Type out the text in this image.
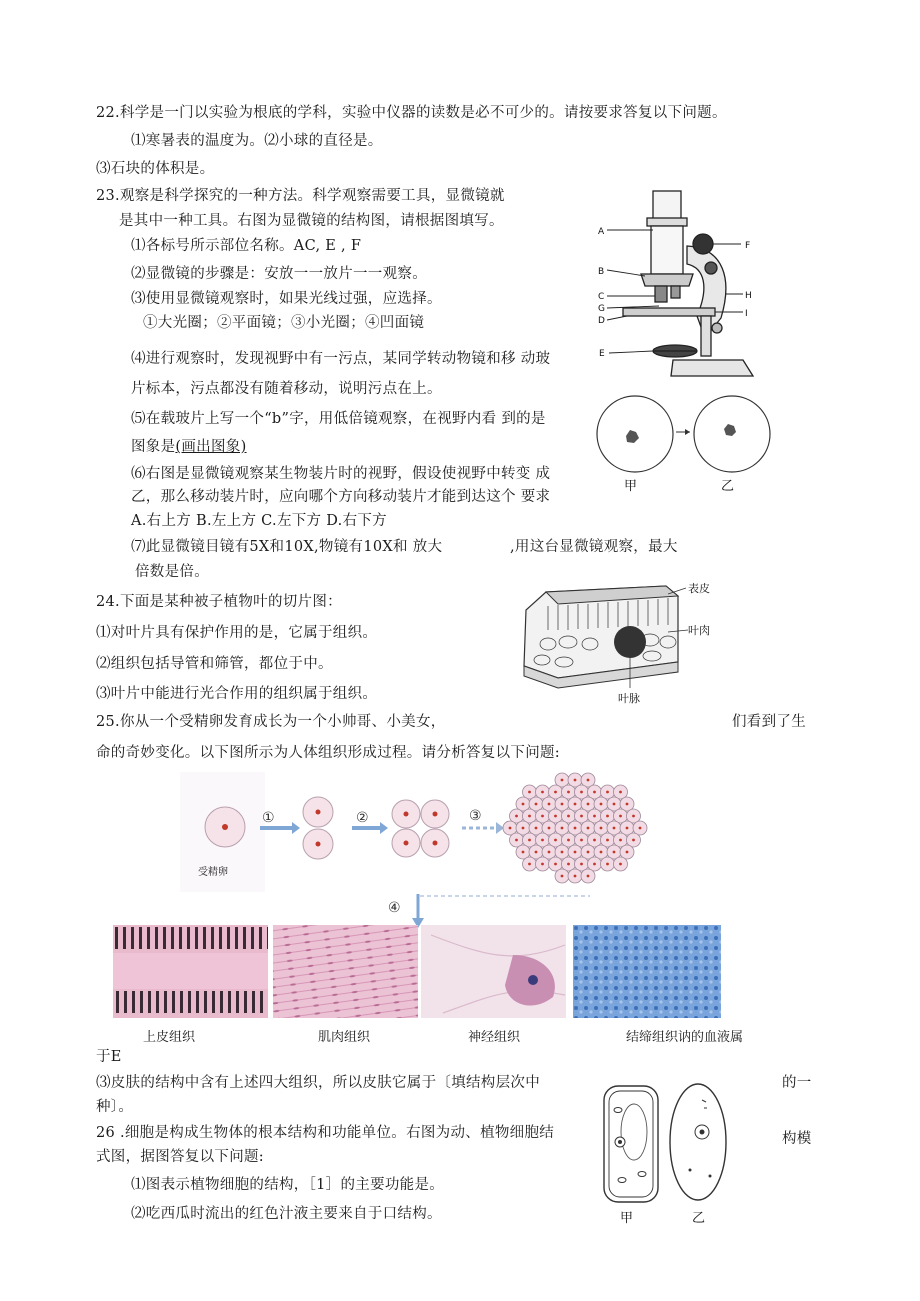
22.科学是一门以实验为根底的学科，实验中仪器的读数是必不可少的。请按要求答复以下问题。
⑴寒暑表的温度为。⑵小球的直径是。
⑶石块的体积是。
23.观察是科学探究的一种方法。科学观察需要工具，显微镜就
是其中一种工具。右图为显微镜的结构图，请根据图填写。
⑴各标号所示部位名称。AC, E , F
⑵显微镜的步骤是：安放一一放片一一观察。
⑶使用显微镜观察时，如果光线过强，应选择。
①大光圈；②平面镜；③小光圈；④凹面镜
⑷进行观察时，发现视野中有一污点，某同学转动物镜和移 动玻
片标本，污点都没有随着移动，说明污点在上。
⑸在载玻片上写一个“b”字，用低倍镜观察，在视野内看 到的是
图象是(画出图象)
⑹右图是显微镜观察某生物装片时的视野，假设使视野中转变 成
乙，那么移动装片时，应向哪个方向移动装片才能到达这个 要求
A.右上方 B.左上方 C.左下方 D.右下方
⑺此显微镜目镜有5X和10X,物镜有10X和 放大	,用这台显微镜观察，最大
倍数是倍。
A
B
C
G
D
E
F
H
I
甲	乙
24.下面是某种被子植物叶的切片图：
⑴对叶片具有保护作用的是，它属于组织。
⑵组织包括导管和筛管，都位于中。
⑶叶片中能进行光合作用的组织属于组织。
表皮
叶肉
叶脉
25.你从一个受精卵发育成长为一个小帅哥、小美女，	们看到了生
命的奇妙变化。以下图所示为人体组织形成过程。请分析答复以下问题:
受精卵
①	②	③
④
上皮组织	肌肉组织	神经组织	结缔组织讷的血液属
于E
⑶皮肤的结构中含有上述四大组织，所以皮肤它属于〔填结构层次中	的一
种〕。
26 .细胞是构成生物体的根本结构和功能单位。右图为动、植物细胞结	构模
式图，据图答复以下问题:
⑴图表示植物细胞的结构，［1］的主要功能是。
⑵吃西瓜时流出的红色汁液主要来自于口结构。	甲	乙
